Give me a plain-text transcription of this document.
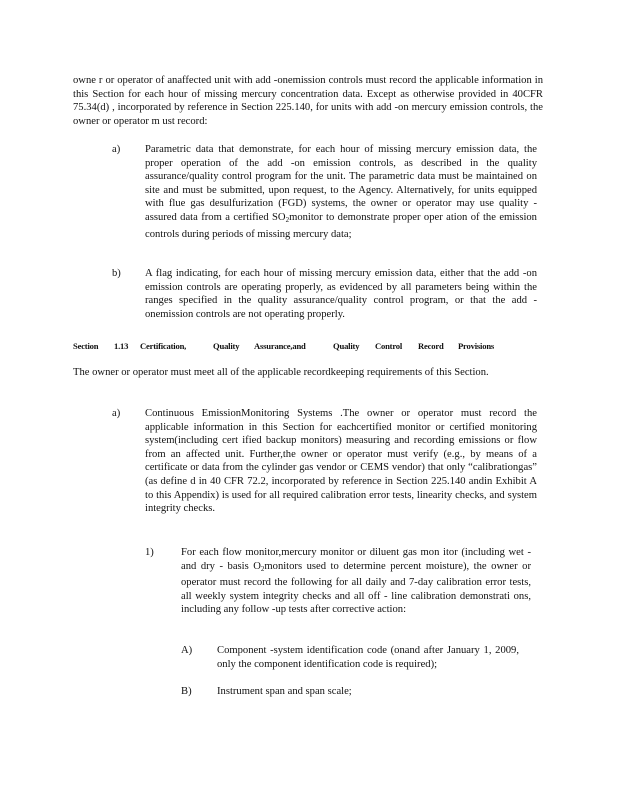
owne r or operator of anaffected unit with add -onemission controls must record the applicable information in this Section for each hour of missing mercury concentration data. Except as otherwise provided in 40CFR 75.34(d) , incorporated by reference in Section 225.140, for units with add -on mercury emission controls, the owner or operator m ust record:
a) Parametric data that demonstrate, for each hour of missing mercury emission data, the proper operation of the add -on emission controls, as described in the quality assurance/quality control program for the unit. The parametric data must be maintained on site and must be submitted, upon request, to the Agency. Alternatively, for units equipped with flue gas desulfurization (FGD) systems, the owner or operator may use quality -assured data from a certified $SO_2monitor$ to demonstrate proper oper ation of the emission controls during periods of missing mercury data;
b) A flag indicating, for each hour of missing mercury emission data, either that the add -on emission controls are operating properly, as evidenced by all parameters being within the ranges specified in the quality assurance/quality control program, or that the add -onemission controls are not operating properly.
Section 1.13 Certification,	Quality Assurance,and	Quality Control Record Provisions
The owner or operator must meet all of the applicable recordkeeping requirements of this Section.
a) Continuous EmissionMonitoring Systems .The owner or operator must record the applicable information in this Section for eachcertified monitor or certified monitoring system(including cert ified backup monitors) measuring and recording emissions or flow from an affected unit. Further,the owner or operator must verify (e.g., by means of a certificate or data from the cylinder gas vendor or CEMS vendor) that only “calibrationgas” (as define d in 40 CFR 72.2, incorporated by reference in Section 225.140 andin Exhibit A to this Appendix) is used for all required calibration error tests, linearity checks, and system integrity checks.
1)	For each flow monitor,mercury monitor or diluent gas mon itor (including wet -and dry - basis $O_2monitors$ used to determine percent moisture), the owner or operator must record the following for all daily and 7-day calibration error tests, all weekly system integrity checks and all off - line calibration demonstrati ons, including any follow -up tests after corrective action:
A) Component -system identification code (onand after January 1, 2009, only the component identification code is required);
B) Instrument span and span scale;
